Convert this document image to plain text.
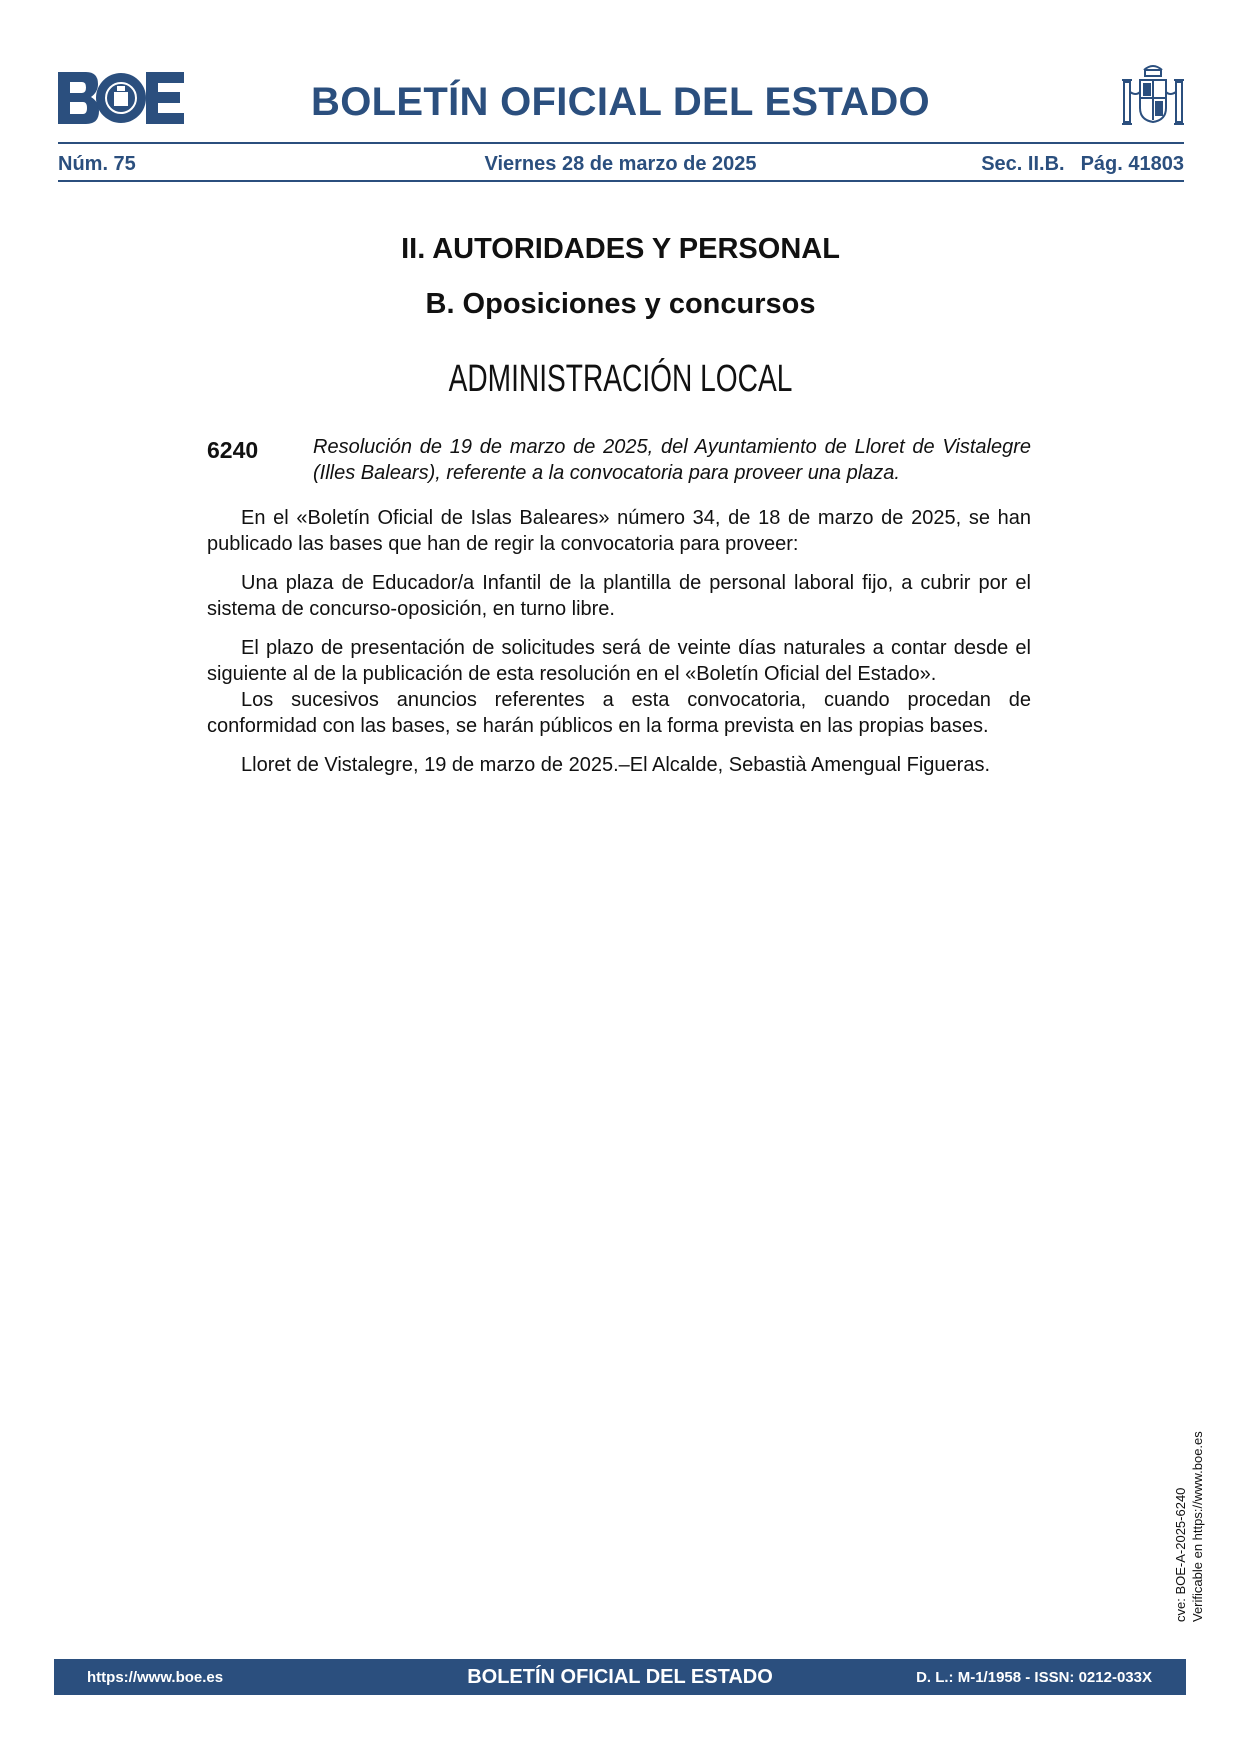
BOLETÍN OFICIAL DEL ESTADO
Núm. 75	Viernes 28 de marzo de 2025	Sec. II.B. Pág. 41803
II. AUTORIDADES Y PERSONAL
B. Oposiciones y concursos
ADMINISTRACIÓN LOCAL
6240	Resolución de 19 de marzo de 2025, del Ayuntamiento de Lloret de Vistalegre (Illes Balears), referente a la convocatoria para proveer una plaza.

En el «Boletín Oficial de Islas Baleares» número 34, de 18 de marzo de 2025, se han publicado las bases que han de regir la convocatoria para proveer:

Una plaza de Educador/a Infantil de la plantilla de personal laboral fijo, a cubrir por el sistema de concurso-oposición, en turno libre.

El plazo de presentación de solicitudes será de veinte días naturales a contar desde el siguiente al de la publicación de esta resolución en el «Boletín Oficial del Estado».

Los sucesivos anuncios referentes a esta convocatoria, cuando procedan de conformidad con las bases, se harán públicos en la forma prevista en las propias bases.

Lloret de Vistalegre, 19 de marzo de 2025.–El Alcalde, Sebastià Amengual Figueras.

cve: BOE-A-2025-6240 Verificable en https://www.boe.es
https://www.boe.es	BOLETÍN OFICIAL DEL ESTADO	D. L.: M-1/1958 - ISSN: 0212-033X
